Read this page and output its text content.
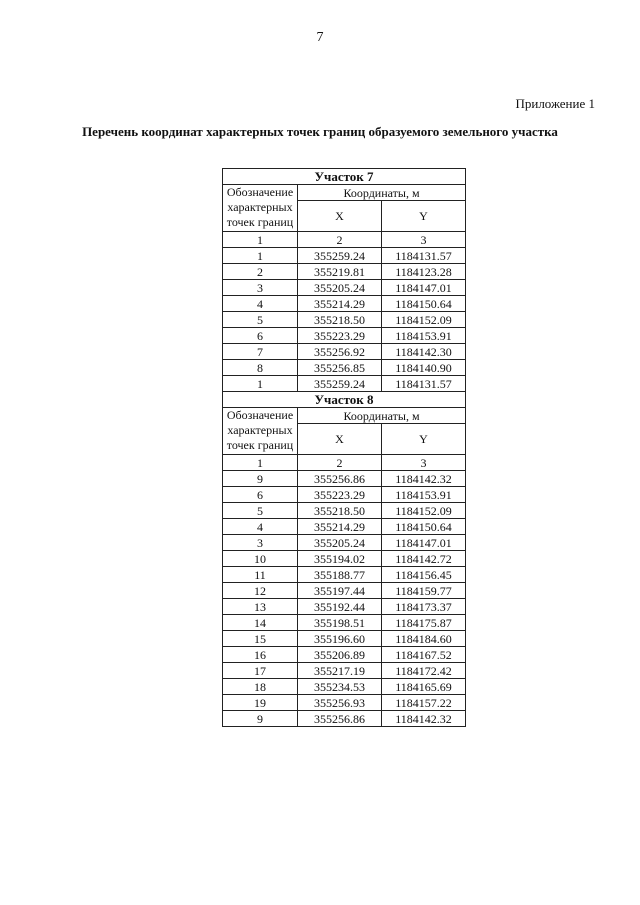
7
Приложение 1
Перечень координат характерных точек границ образуемого земельного участка
Участок 7		
Обозначение характерных точек границ	Координаты, м	
	X	Y
1	2	3
1	355259.24	1184131.57
2	355219.81	1184123.28
3	355205.24	1184147.01
4	355214.29	1184150.64
5	355218.50	1184152.09
6	355223.29	1184153.91
7	355256.92	1184142.30
8	355256.85	1184140.90
1	355259.24	1184131.57
Участок 8		
Обозначение характерных точек границ	Координаты, м	
	X	Y
1	2	3
9	355256.86	1184142.32
6	355223.29	1184153.91
5	355218.50	1184152.09
4	355214.29	1184150.64
3	355205.24	1184147.01
10	355194.02	1184142.72
11	355188.77	1184156.45
12	355197.44	1184159.77
13	355192.44	1184173.37
14	355198.51	1184175.87
15	355196.60	1184184.60
16	355206.89	1184167.52
17	355217.19	1184172.42
18	355234.53	1184165.69
19	355256.93	1184157.22
9	355256.86	1184142.32
